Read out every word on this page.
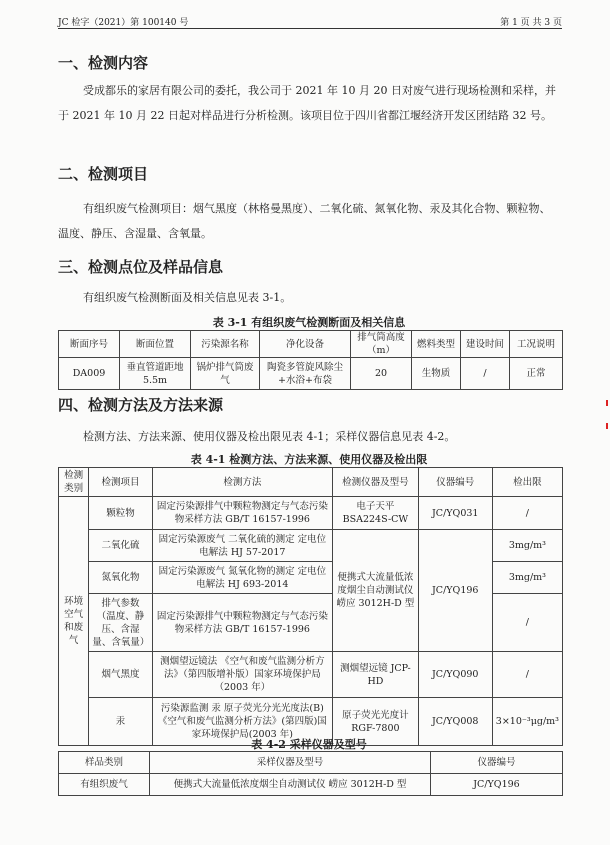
JC 检字（2021）第 100140 号	第 1 页 共 3 页
一、检测内容
受成都乐的家居有限公司的委托，我公司于 2021 年 10 月 20 日对废气进行现场检测和采样，并于 2021 年 10 月 22 日起对样品进行分析检测。该项目位于四川省都江堰经济开发区团结路 32 号。
二、检测项目
有组织废气检测项目：烟气黑度（林格曼黑度）、二氧化硫、氮氧化物、汞及其化合物、颗粒物、温度、静压、含湿量、含氧量。
三、检测点位及样品信息
有组织废气检测断面及相关信息见表 3-1。
表 3-1 有组织废气检测断面及相关信息
断面序号	断面位置	污染源名称	净化设备	排气筒高度（m）	燃料类型	建设时间	工况说明
DA009	垂直管道距地 5.5m	锅炉排气筒废气	陶瓷多管旋风除尘+水浴+布袋	20	生物质	/	正常
四、检测方法及方法来源
检测方法、方法来源、使用仪器及检出限见表 4-1；采样仪器信息见表 4-2。
表 4-1 检测方法、方法来源、使用仪器及检出限
检测类别	检测项目	检测方法	检测仪器及型号	仪器编号	检出限
环境空气和废气	颗粒物	固定污染源排气中颗粒物测定与气态污染物采样方法 GB/T 16157-1996	电子天平 BSA224S-CW	JC/YQ031	/
	二氧化硫	固定污染源废气 二氧化硫的测定 定电位电解法 HJ 57-2017	便携式大流量低浓度烟尘自动测试仪 崂应 3012H-D 型	JC/YQ196	3mg/m³
	氮氧化物	固定污染源废气 氮氧化物的测定 定电位电解法 HJ 693-2014			3mg/m³
	排气参数（温度、静压、含湿量、含氧量）	固定污染源排气中颗粒物测定与气态污染物采样方法 GB/T 16157-1996			/
	烟气黑度	测烟望远镜法 《空气和废气监测分析方法》（第四版增补版）国家环境保护局（2003 年）	测烟望远镜 JCP-HD	JC/YQ090	/
	汞	污染源监测 汞 原子荧光分光光度法(B)《空气和废气监测分析方法》(第四版)国家环境保护局(2003 年)	原子荧光光度计 RGF-7800	JC/YQ008	3×10⁻³μg/m³
表 4-2 采样仪器及型号
样品类别	采样仪器及型号	仪器编号
有组织废气	便携式大流量低浓度烟尘自动测试仪 崂应 3012H-D 型	JC/YQ196
